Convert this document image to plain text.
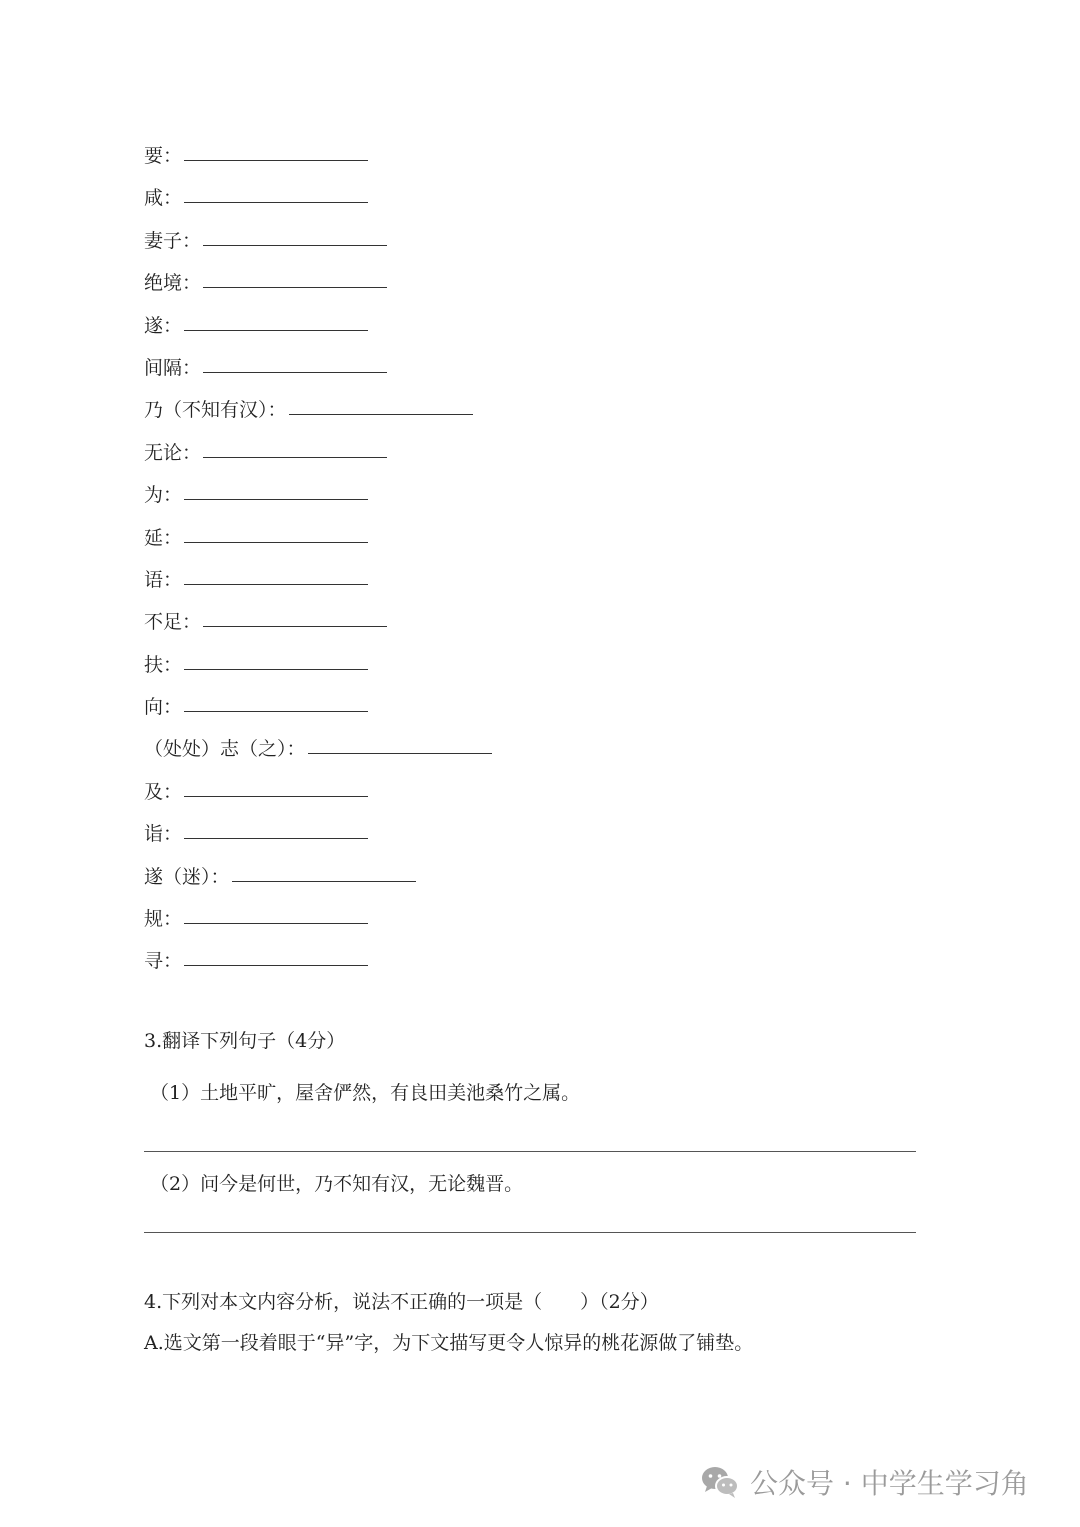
要：
咸：
妻子：
绝境：
遂：
间隔：
乃（不知有汉）：
无论：
为：
延：
语：
不足：
扶：
向：
（处处）志（之）：
及：
诣：
遂（迷）：
规：
寻：
3.翻译下列句子（4分）
（1）土地平旷，屋舍俨然，有良田美池桑竹之属。
（2）问今是何世，乃不知有汉，无论魏晋。
4.下列对本文内容分析，说法不正确的一项是（　　）（2分）
A.选文第一段着眼于“异”字，为下文描写更令人惊异的桃花源做了铺垫。
公众号 · 中学生学习角
